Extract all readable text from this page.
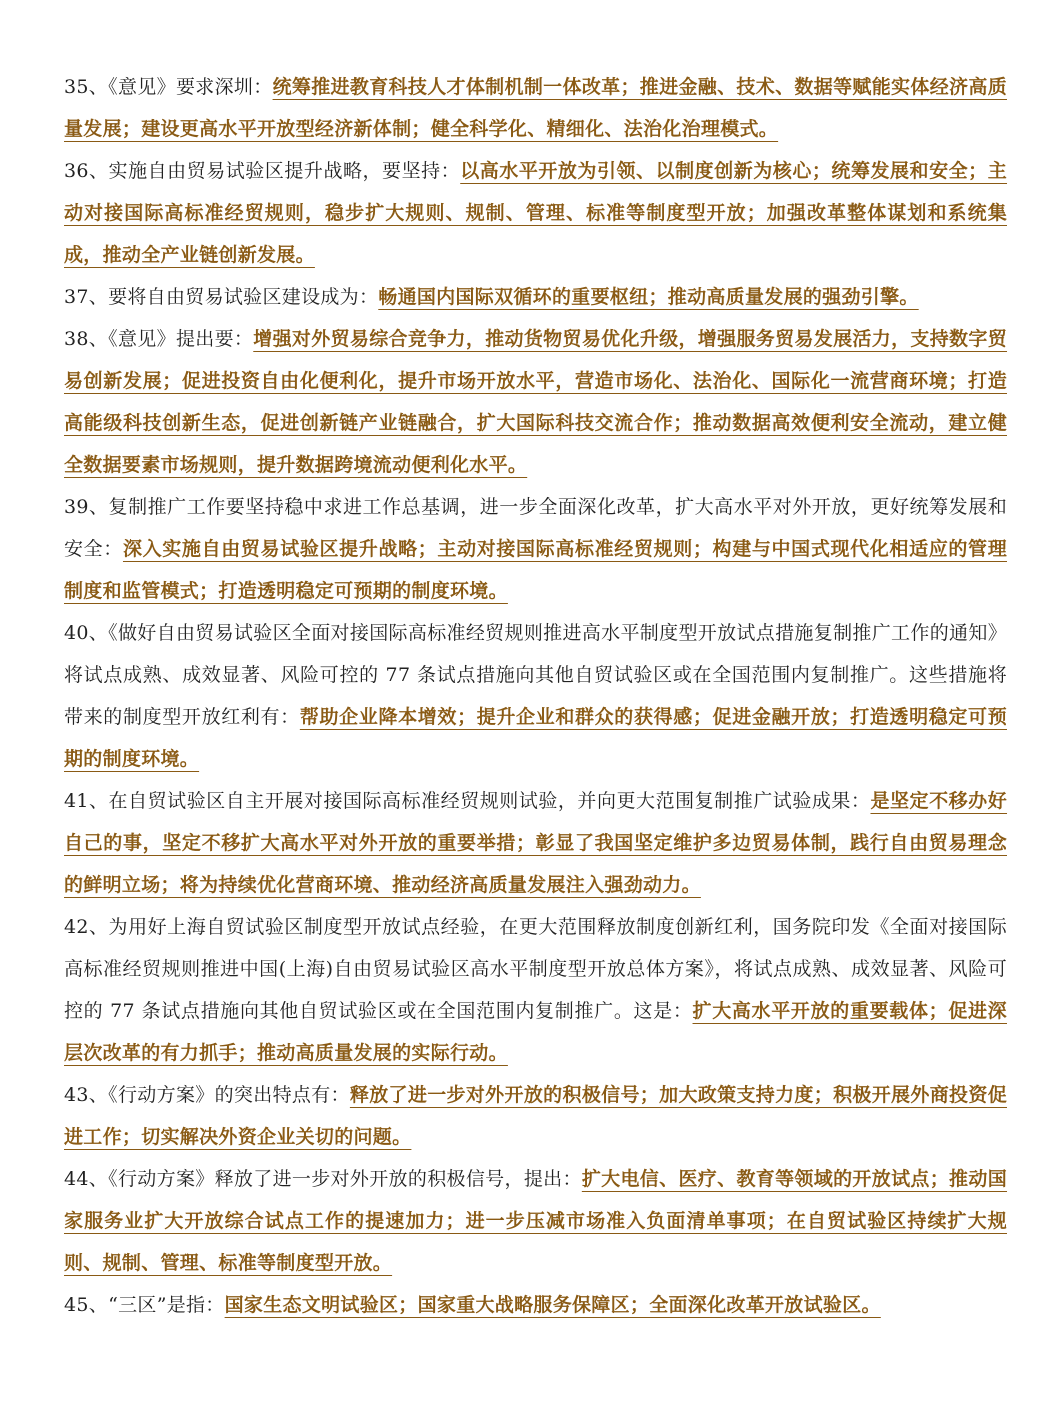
35、《意见》要求深圳：统筹推进教育科技人才体制机制一体改革；推进金融、技术、数据等赋能实体经济高质量发展；建设更高水平开放型经济新体制；健全科学化、精细化、法治化治理模式。

36、实施自由贸易试验区提升战略，要坚持：以高水平开放为引领、以制度创新为核心；统筹发展和安全；主动对接国际高标准经贸规则，稳步扩大规则、规制、管理、标准等制度型开放；加强改革整体谋划和系统集成，推动全产业链创新发展。

37、要将自由贸易试验区建设成为：畅通国内国际双循环的重要枢纽；推动高质量发展的强劲引擎。

38、《意见》提出要：增强对外贸易综合竞争力，推动货物贸易优化升级，增强服务贸易发展活力，支持数字贸易创新发展；促进投资自由化便利化，提升市场开放水平，营造市场化、法治化、国际化一流营商环境；打造高能级科技创新生态，促进创新链产业链融合，扩大国际科技交流合作；推动数据高效便利安全流动，建立健全数据要素市场规则，提升数据跨境流动便利化水平。

39、复制推广工作要坚持稳中求进工作总基调，进一步全面深化改革，扩大高水平对外开放，更好统筹发展和安全：深入实施自由贸易试验区提升战略；主动对接国际高标准经贸规则；构建与中国式现代化相适应的管理制度和监管模式；打造透明稳定可预期的制度环境。

40、《做好自由贸易试验区全面对接国际高标准经贸规则推进高水平制度型开放试点措施复制推广工作的通知》将试点成熟、成效显著、风险可控的 77 条试点措施向其他自贸试验区或在全国范围内复制推广。这些措施将带来的制度型开放红利有：帮助企业降本增效；提升企业和群众的获得感；促进金融开放；打造透明稳定可预期的制度环境。

41、在自贸试验区自主开展对接国际高标准经贸规则试验，并向更大范围复制推广试验成果：是坚定不移办好自己的事，坚定不移扩大高水平对外开放的重要举措；彰显了我国坚定维护多边贸易体制，践行自由贸易理念的鲜明立场；将为持续优化营商环境、推动经济高质量发展注入强劲动力。

42、为用好上海自贸试验区制度型开放试点经验，在更大范围释放制度创新红利，国务院印发《全面对接国际高标准经贸规则推进中国(上海)自由贸易试验区高水平制度型开放总体方案》，将试点成熟、成效显著、风险可控的 77 条试点措施向其他自贸试验区或在全国范围内复制推广。这是：扩大高水平开放的重要载体；促进深层次改革的有力抓手；推动高质量发展的实际行动。

43、《行动方案》的突出特点有：释放了进一步对外开放的积极信号；加大政策支持力度；积极开展外商投资促进工作；切实解决外资企业关切的问题。

44、《行动方案》释放了进一步对外开放的积极信号，提出：扩大电信、医疗、教育等领域的开放试点；推动国家服务业扩大开放综合试点工作的提速加力；进一步压减市场准入负面清单事项；在自贸试验区持续扩大规则、规制、管理、标准等制度型开放。

45、“三区”是指：国家生态文明试验区；国家重大战略服务保障区；全面深化改革开放试验区。
